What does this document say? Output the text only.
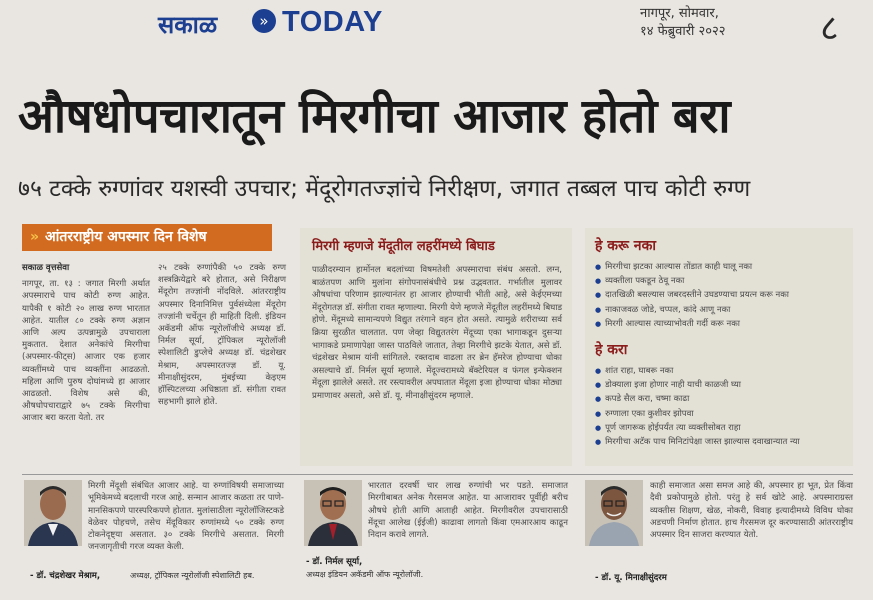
सकाळ	» TODAY	नागपूर, सोमवार,
१४ फेब्रुवारी २०२२	८
औषधोपचारातून मिरगीचा आजार होतो बरा
७५ टक्के रुग्णांवर यशस्वी उपचार; मेंदूरोगतज्ज्ञांचे निरीक्षण, जगात तब्बल पाच कोटी रुग्ण
» आंतरराष्ट्रीय अपस्मार दिन विशेष
सकाळ वृत्तसेवा
नागपूर, ता. १३ : जगात मिरगी अर्थात अपस्माराचे पाच कोटी रुग्ण आहेत. यापैकी १ कोटी २० लाख रुग्ण भारतात आहेत. यातील ८० टक्के रुग्ण अज्ञान आणि अल्प उत्पन्नामुळे उपचाराला मुकतात. देशात अनेकांचे मिरगीचा (अपस्मार-फीट्स) आजार एक हजार व्यक्तींमध्ये पाच व्यक्तींना आढळतो. महिला आणि पुरुष दोघांमध्ये हा आजार आढळतो. विशेष असे की, औषधोपचाराद्वारे ७५ टक्के मिरगीचा आजार बरा करता येतो. तर
२५ टक्के रुग्णांपैकी ५० टक्के रुग्ण शस्त्रक्रियेद्वारे बरे होतात, असे निरीक्षण मेंदूरोग तज्ज्ञांनी नोंदविले. आंतरराष्ट्रीय अपस्मार दिनानिमित्त पुर्वसंध्येला मेंदूरोग तज्ज्ञांनी चर्चेतून ही माहिती दिली. इंडियन अकॅडमी ऑफ न्यूरोलॉजीचे अध्यक्ष डॉ. निर्मल सूर्या, ट्रॉपिकल न्यूरोलॉजी स्पेशालिटी डुप्लेचे अध्यक्ष डॉ. चंद्रशेखर मेश्राम, अपस्मारतज्ज्ञ डॉ. यू. मीनाक्षीसुंदरम, मुंबईच्या केइएम हॉस्पिटलच्या अधिष्ठाता डॉ. संगीता रावत सहभागी झाले होते.
मिरगी म्हणजे मेंदूतील लहरींमध्ये बिघाड
पाळीदरम्यान हार्मोनल बदलांच्या विषमतेशी अपस्माराचा संबंध असतो. लग्न, बाळंतपण आणि मुलांना संगोपनासंबंधीचे प्रश्न उद्भवतात. गर्भातील मुलावर औषधांचा परिणाम झाल्यानंतर हा आजार होण्याची भीती आहे, असे केईएमच्या मेंदूरोगतज्ञ डॉ. संगीता रावत म्हणाल्या. मिरगी येणे म्हणजे मेंदूतील लहरींमध्ये बिघाड होणे. मेंदूमध्ये सामान्यपणे विद्युत तरंगाने वहन होत असते. त्यामुळे शरीराच्या सर्व क्रिया सुरळीत चालतात. पण जेव्हा विद्युततरंग मेंदूच्या एका भागाकडून दुसऱ्या भागाकडे प्रमाणापेक्षा जास्त पाठविले जातात, तेव्हा मिरगीचे झटके येतात, असे डॉ. चंद्रशेखर मेश्राम यांनी सांगितले. रक्तदाब वाढला तर ब्रेन हॅमरेज होण्याचा धोका असल्याचे डॉ. निर्मल सूर्या म्हणाले. मेंदूज्वरामध्ये बॅक्टेरियल व फंगल इन्फेक्शन मेंदूला झालेले असते. तर रस्त्यावरील अपघातात मेंदूला इजा होण्याचा धोका मोठ्या प्रमाणावर असतो, असे डॉ. यू. मीनाक्षीसुंदरम म्हणाले.
हे करू नका
● मिरगीचा झटका आल्यास तोंडात काही घालू नका
● व्यक्तीला पकडून ठेवू नका
● दातखिळी बसल्यास जबरदस्तीने उघडण्याचा प्रयत्न करू नका
● नाकाजवळ जोडे, चप्पल, कांदे आणू नका
● मिरगी आल्यास त्याच्याभोवती गर्दी करू नका
हे करा
● शांत राहा, घाबरू नका
● डोक्याला इजा होणार नाही याची काळजी घ्या
● कपडे सैल करा, चष्मा काढा
● रुग्णाला एका कुशीवर झोपवा
● पूर्ण जागरूक होईपर्यंत त्या व्यक्तीसोबत राहा
● मिरगीचा अटॅक पाच मिनिटांपेक्षा जास्त झाल्यास दवाखान्यात न्या
मिरगी मेंदूशी संबंधित आजार आहे. या रुग्णांविषयी समाजाच्या भूमिकेमध्ये बदलाची गरज आहे. सन्मान आजार कळता तर पाणे-मानसिकपणे पारस्परिकपणे होतात. मुलांसाठीला न्यूरोलॉजिस्टकडे वेळेवर पोहचणे, तसेच मेंदूविकार रुग्णांमध्ये ५० टक्के रुग्ण टोकनेदृष्ट्या असतात. ३० टक्के मिरगीचे असतात. मिरगी जनजागृतीची गरज व्यक्त केली.
- डॉ. चंद्रशेखर मेश्राम,	अध्यक्ष, ट्रॉपिकल न्यूरोलॉजी स्पेशालिटी हब.
भारतात दरवर्षी चार लाख रुग्णांची भर पडते. समाजात मिरगीबाबत अनेक गैरसमज आहेत. या आजारावर पूर्वीही बरीच औषधे होती आणि आताही आहेत. मिरगीवरील उपचारासाठी मेंदूचा आलेख (ईईजी) काढावा लागतो किंवा एमआरआय काढून निदान करावे लागते.
- डॉ. निर्मल सूर्या,
अध्यक्ष इंडियन अकॅडमी ऑफ न्यूरोलॉजी.
काही समाजात असा समज आहे की, अपस्मार हा भूत, प्रेत किंवा दैवी प्रकोपामुळे होतो. परंतु हे सर्व खोटे आहे. अपस्माराग्रस्त व्यक्तीस शिक्षण, खेळ, नोकरी, विवाह इत्यादीमध्ये विविध घोका अडचणी निर्माण होतात. हाच गैरसमज दूर करण्यासाठी आंतरराष्ट्रीय अपस्मार दिन साजरा करण्यात येतो.
- डॉ. यू. मिनाक्षीसुंदरम
